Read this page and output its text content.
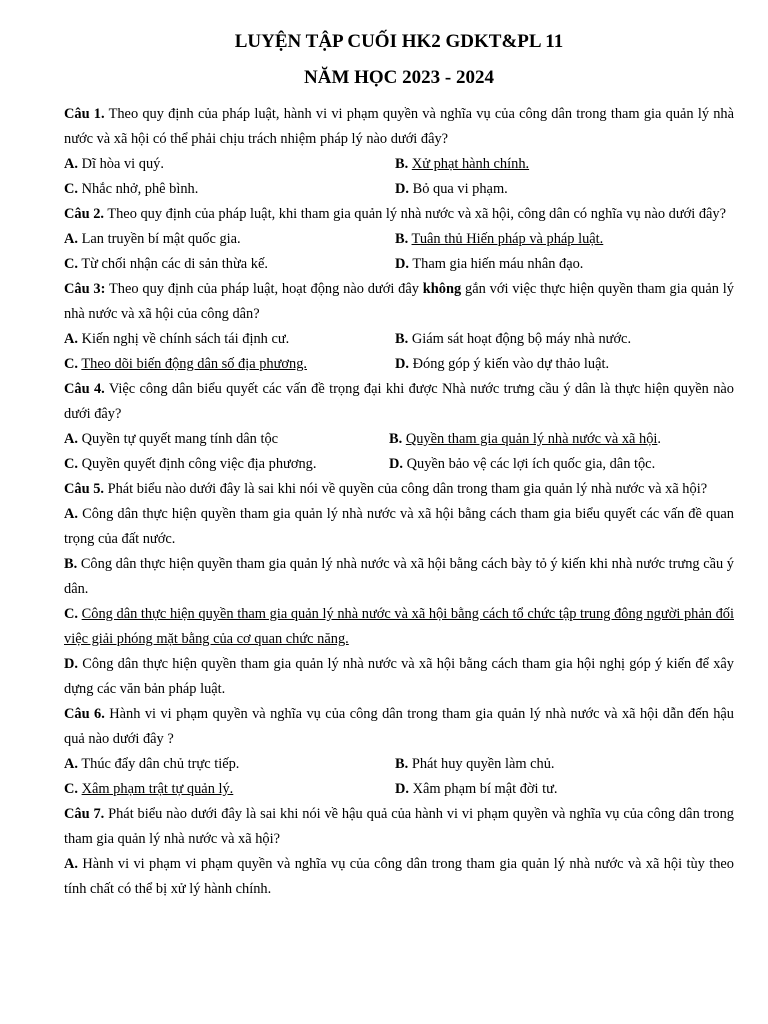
LUYỆN TẬP CUỐI HK2 GDKT&PL 11

NĂM HỌC 2023 - 2024

Câu 1. Theo quy định của pháp luật, hành vi vi phạm quyền và nghĩa vụ của công dân trong tham gia quản lý nhà nước và xã hội có thể phải chịu trách nhiệm pháp lý nào dưới đây?

A. Dĩ hòa vi quý.	B. Xử phạt hành chính.
C. Nhắc nhở, phê bình.	D. Bỏ qua vi phạm.

Câu 2. Theo quy định của pháp luật, khi tham gia quản lý nhà nước và xã hội, công dân có nghĩa vụ nào dưới đây?

A. Lan truyền bí mật quốc gia.	B. Tuân thủ Hiến pháp và pháp luật.
C. Từ chối nhận các di sản thừa kế.	D. Tham gia hiến máu nhân đạo.

Câu 3: Theo quy định của pháp luật, hoạt động nào dưới đây không gắn với việc thực hiện quyền tham gia quản lý nhà nước và xã hội của công dân?

A. Kiến nghị về chính sách tái định cư.	B. Giám sát hoạt động bộ máy nhà nước.
C. Theo dõi biến động dân số địa phương.	D. Đóng góp ý kiến vào dự thảo luật.

Câu 4. Việc công dân biểu quyết các vấn đề trọng đại khi được Nhà nước trưng cầu ý dân là thực hiện quyền nào dưới đây?

A. Quyền tự quyết mang tính dân tộc	B. Quyền tham gia quản lý nhà nước và xã hội.
C. Quyền quyết định công việc địa phương.	D. Quyền bảo vệ các lợi ích quốc gia, dân tộc.

Câu 5. Phát biểu nào dưới đây là sai khi nói về quyền của công dân trong tham gia quản lý nhà nước và xã hội?

A. Công dân thực hiện quyền tham gia quản lý nhà nước và xã hội bằng cách tham gia biểu quyết các vấn đề quan trọng của đất nước.

B. Công dân thực hiện quyền tham gia quản lý nhà nước và xã hội bằng cách bày tỏ ý kiến khi nhà nước trưng cầu ý dân.

C. Công dân thực hiện quyền tham gia quản lý nhà nước và xã hội bằng cách tổ chức tập trung đông người phản đối việc giải phóng mặt bằng của cơ quan chức năng.

D. Công dân thực hiện quyền tham gia quản lý nhà nước và xã hội bằng cách tham gia hội nghị góp ý kiến để xây dựng các văn bản pháp luật.

Câu 6. Hành vi vi phạm quyền và nghĩa vụ của công dân trong tham gia quản lý nhà nước và xã hội dẫn đến hậu quả nào dưới đây ?

A. Thúc đẩy dân chủ trực tiếp.	B. Phát huy quyền làm chủ.
C. Xâm phạm trật tự quản lý.	D. Xâm phạm bí mật đời tư.

Câu 7. Phát biểu nào dưới đây là sai khi nói về hậu quả của hành vi vi phạm quyền và nghĩa vụ của công dân trong tham gia quản lý nhà nước và xã hội?

A. Hành vi vi phạm vi phạm quyền và nghĩa vụ của công dân trong tham gia quản lý nhà nước và xã hội tùy theo tính chất có thể bị xử lý hành chính.
